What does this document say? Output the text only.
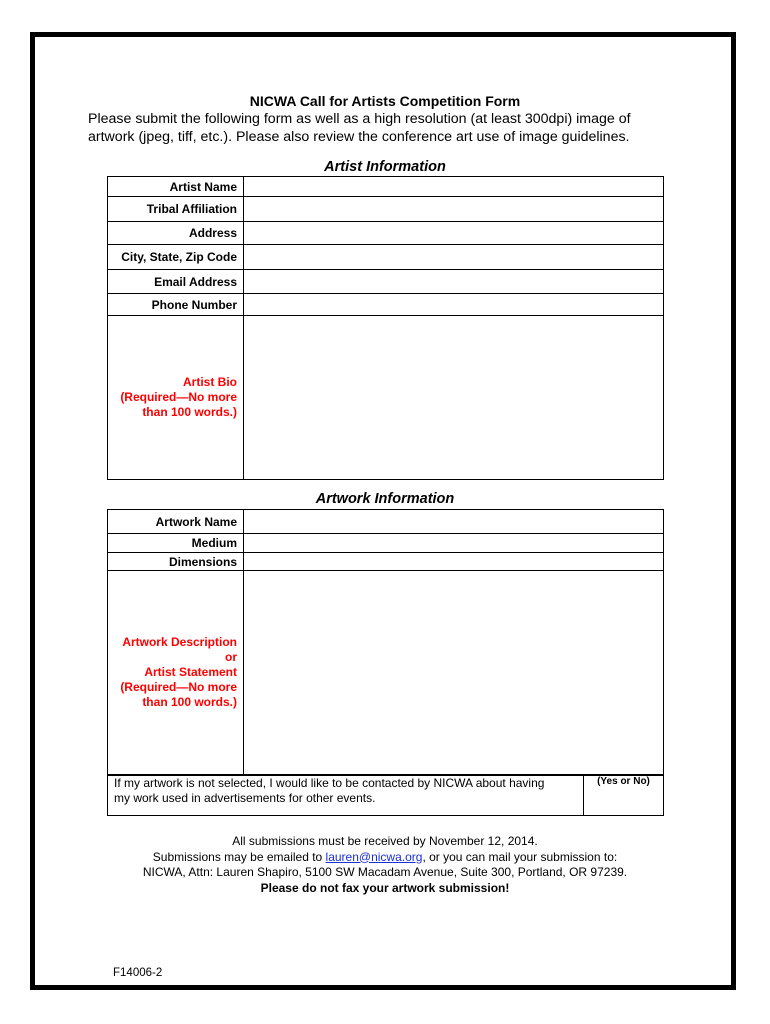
NICWA Call for Artists Competition Form
Please submit the following form as well as a high resolution (at least 300dpi) image of
artwork (jpeg, tiff, etc.). Please also review the conference art use of image guidelines.
Artist Information
Artist Name	
Tribal Affiliation	
Address	
City, State, Zip Code	
Email Address	
Phone Number	

Artist Bio
(Required—No more
than 100 words.)	

Artwork Information
Artwork Name	
Medium	
Dimensions	

Artwork Description
or
Artist Statement
(Required—No more
than 100 words.)	

If my artwork is not selected, I would like to be contacted by NICWA about having
my work used in advertisements for other events.
	(Yes or No)
All submissions must be received by November 12, 2014.
Submissions may be emailed to lauren@nicwa.org, or you can mail your submission to:
NICWA, Attn: Lauren Shapiro, 5100 SW Macadam Avenue, Suite 300, Portland, OR 97239.
Please do not fax your artwork submission!
F14006-2
